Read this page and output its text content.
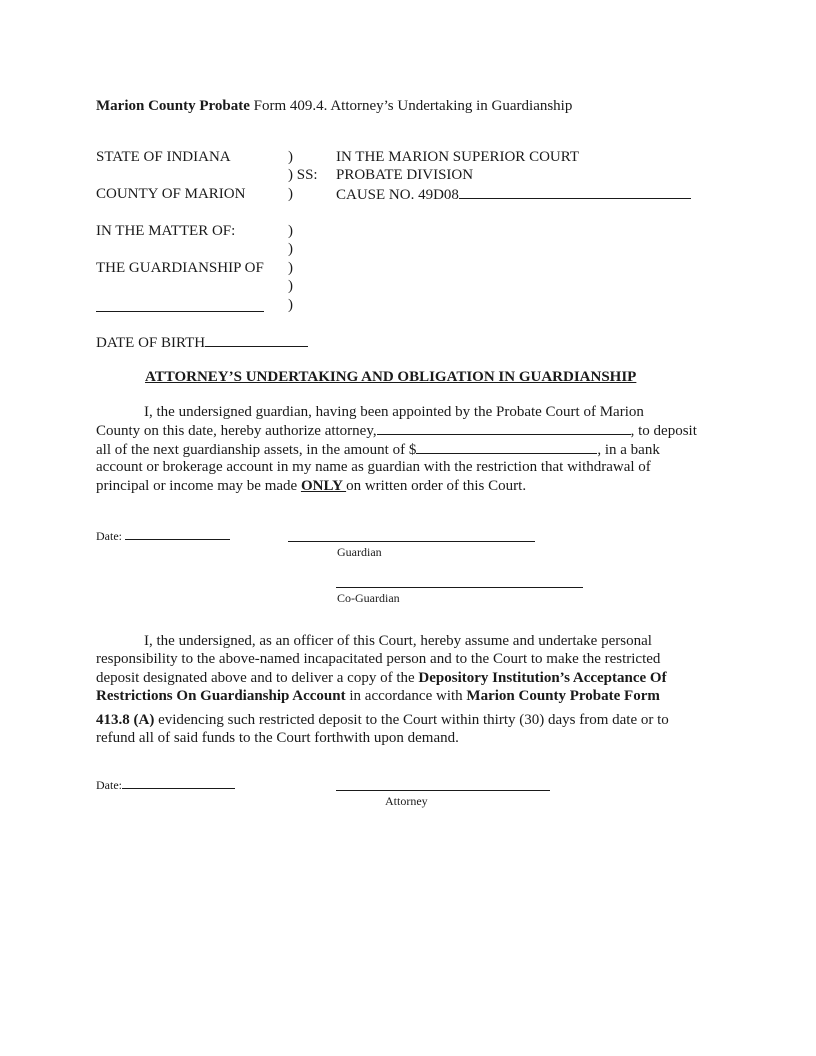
Marion County Probate Form 409.4. Attorney’s Undertaking in Guardianship
STATE OF INDIANA
COUNTY OF MARION
IN THE MATTER OF:
THE GUARDIANSHIP OF
DATE OF BIRTH
)
) SS:
)
)
)
)
)
)
IN THE MARION SUPERIOR COURT
PROBATE DIVISION
CAUSE NO. 49D08
ATTORNEY’S UNDERTAKING AND OBLIGATION IN GUARDIANSHIP
I, the undersigned guardian, having been appointed by the Probate Court of Marion
County on this date, hereby authorize attorney,	, to deposit
all of the next guardianship assets, in the amount of $	, in a bank
account or brokerage account in my name as guardian with the restriction that withdrawal of
principal or income may be made ONLY on written order of this Court.
Date:
Guardian
Co-Guardian
I, the undersigned, as an officer of this Court, hereby assume and undertake personal
responsibility to the above-named incapacitated person and to the Court to make the restricted
deposit designated above and to deliver a copy of the Depository Institution’s Acceptance Of
Restrictions On Guardianship Account in accordance with Marion County Probate Form
413.8 (A) evidencing such restricted deposit to the Court within thirty (30) days from date or to
refund all of said funds to the Court forthwith upon demand.
Date:
Attorney
